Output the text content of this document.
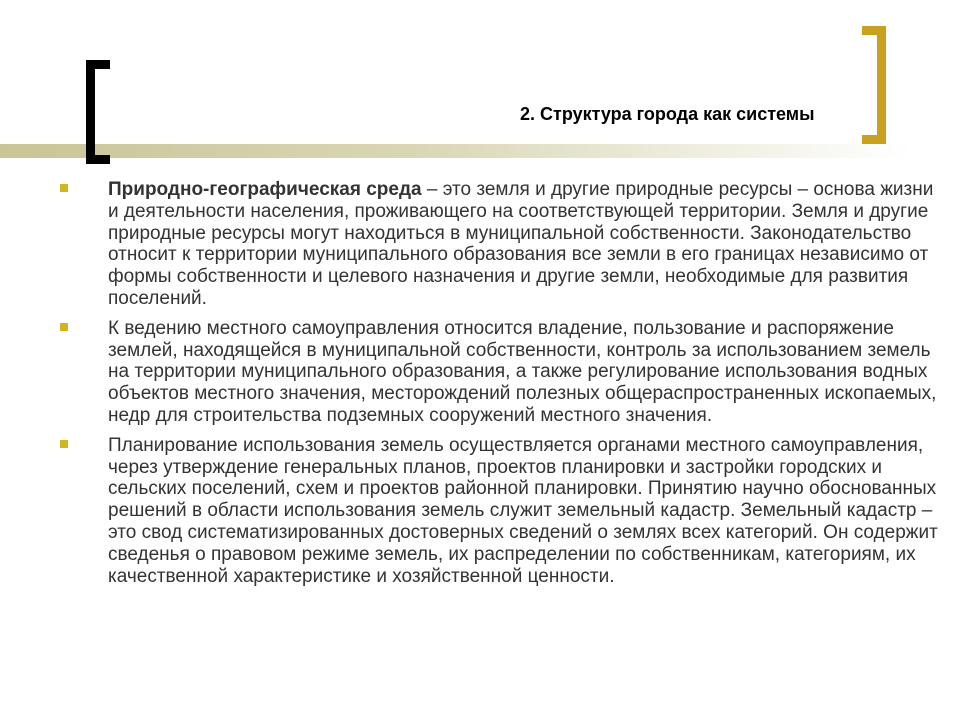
2. Структура города как системы
Природно-географическая среда – это земля и другие природные ресурсы – основа жизни и деятельности населения, проживающего на соответствующей территории. Земля и другие природные ресурсы могут находиться в муниципальной собственности. Законодательство относит к территории муниципального образования все земли в его границах независимо от формы собственности и целевого назначения и другие земли, необходимые для развития поселений.
К ведению местного самоуправления относится владение, пользование и распоряжение землей, находящейся в муниципальной собственности, контроль за использованием земель на территории муниципального образования, а также регулирование использования водных объектов местного значения, месторождений полезных общераспространенных ископаемых, недр для строительства подземных сооружений местного значения.
Планирование использования земель осуществляется органами местного самоуправления, через утверждение генеральных планов, проектов планировки и застройки городских и сельских поселений, схем и проектов районной планировки. Принятию научно обоснованных решений в области использования земель служит земельный кадастр. Земельный кадастр – это свод систематизированных достоверных сведений о землях всех категорий. Он содержит сведенья о правовом режиме земель, их распределении по собственникам, категориям, их качественной характеристике и хозяйственной ценности.
